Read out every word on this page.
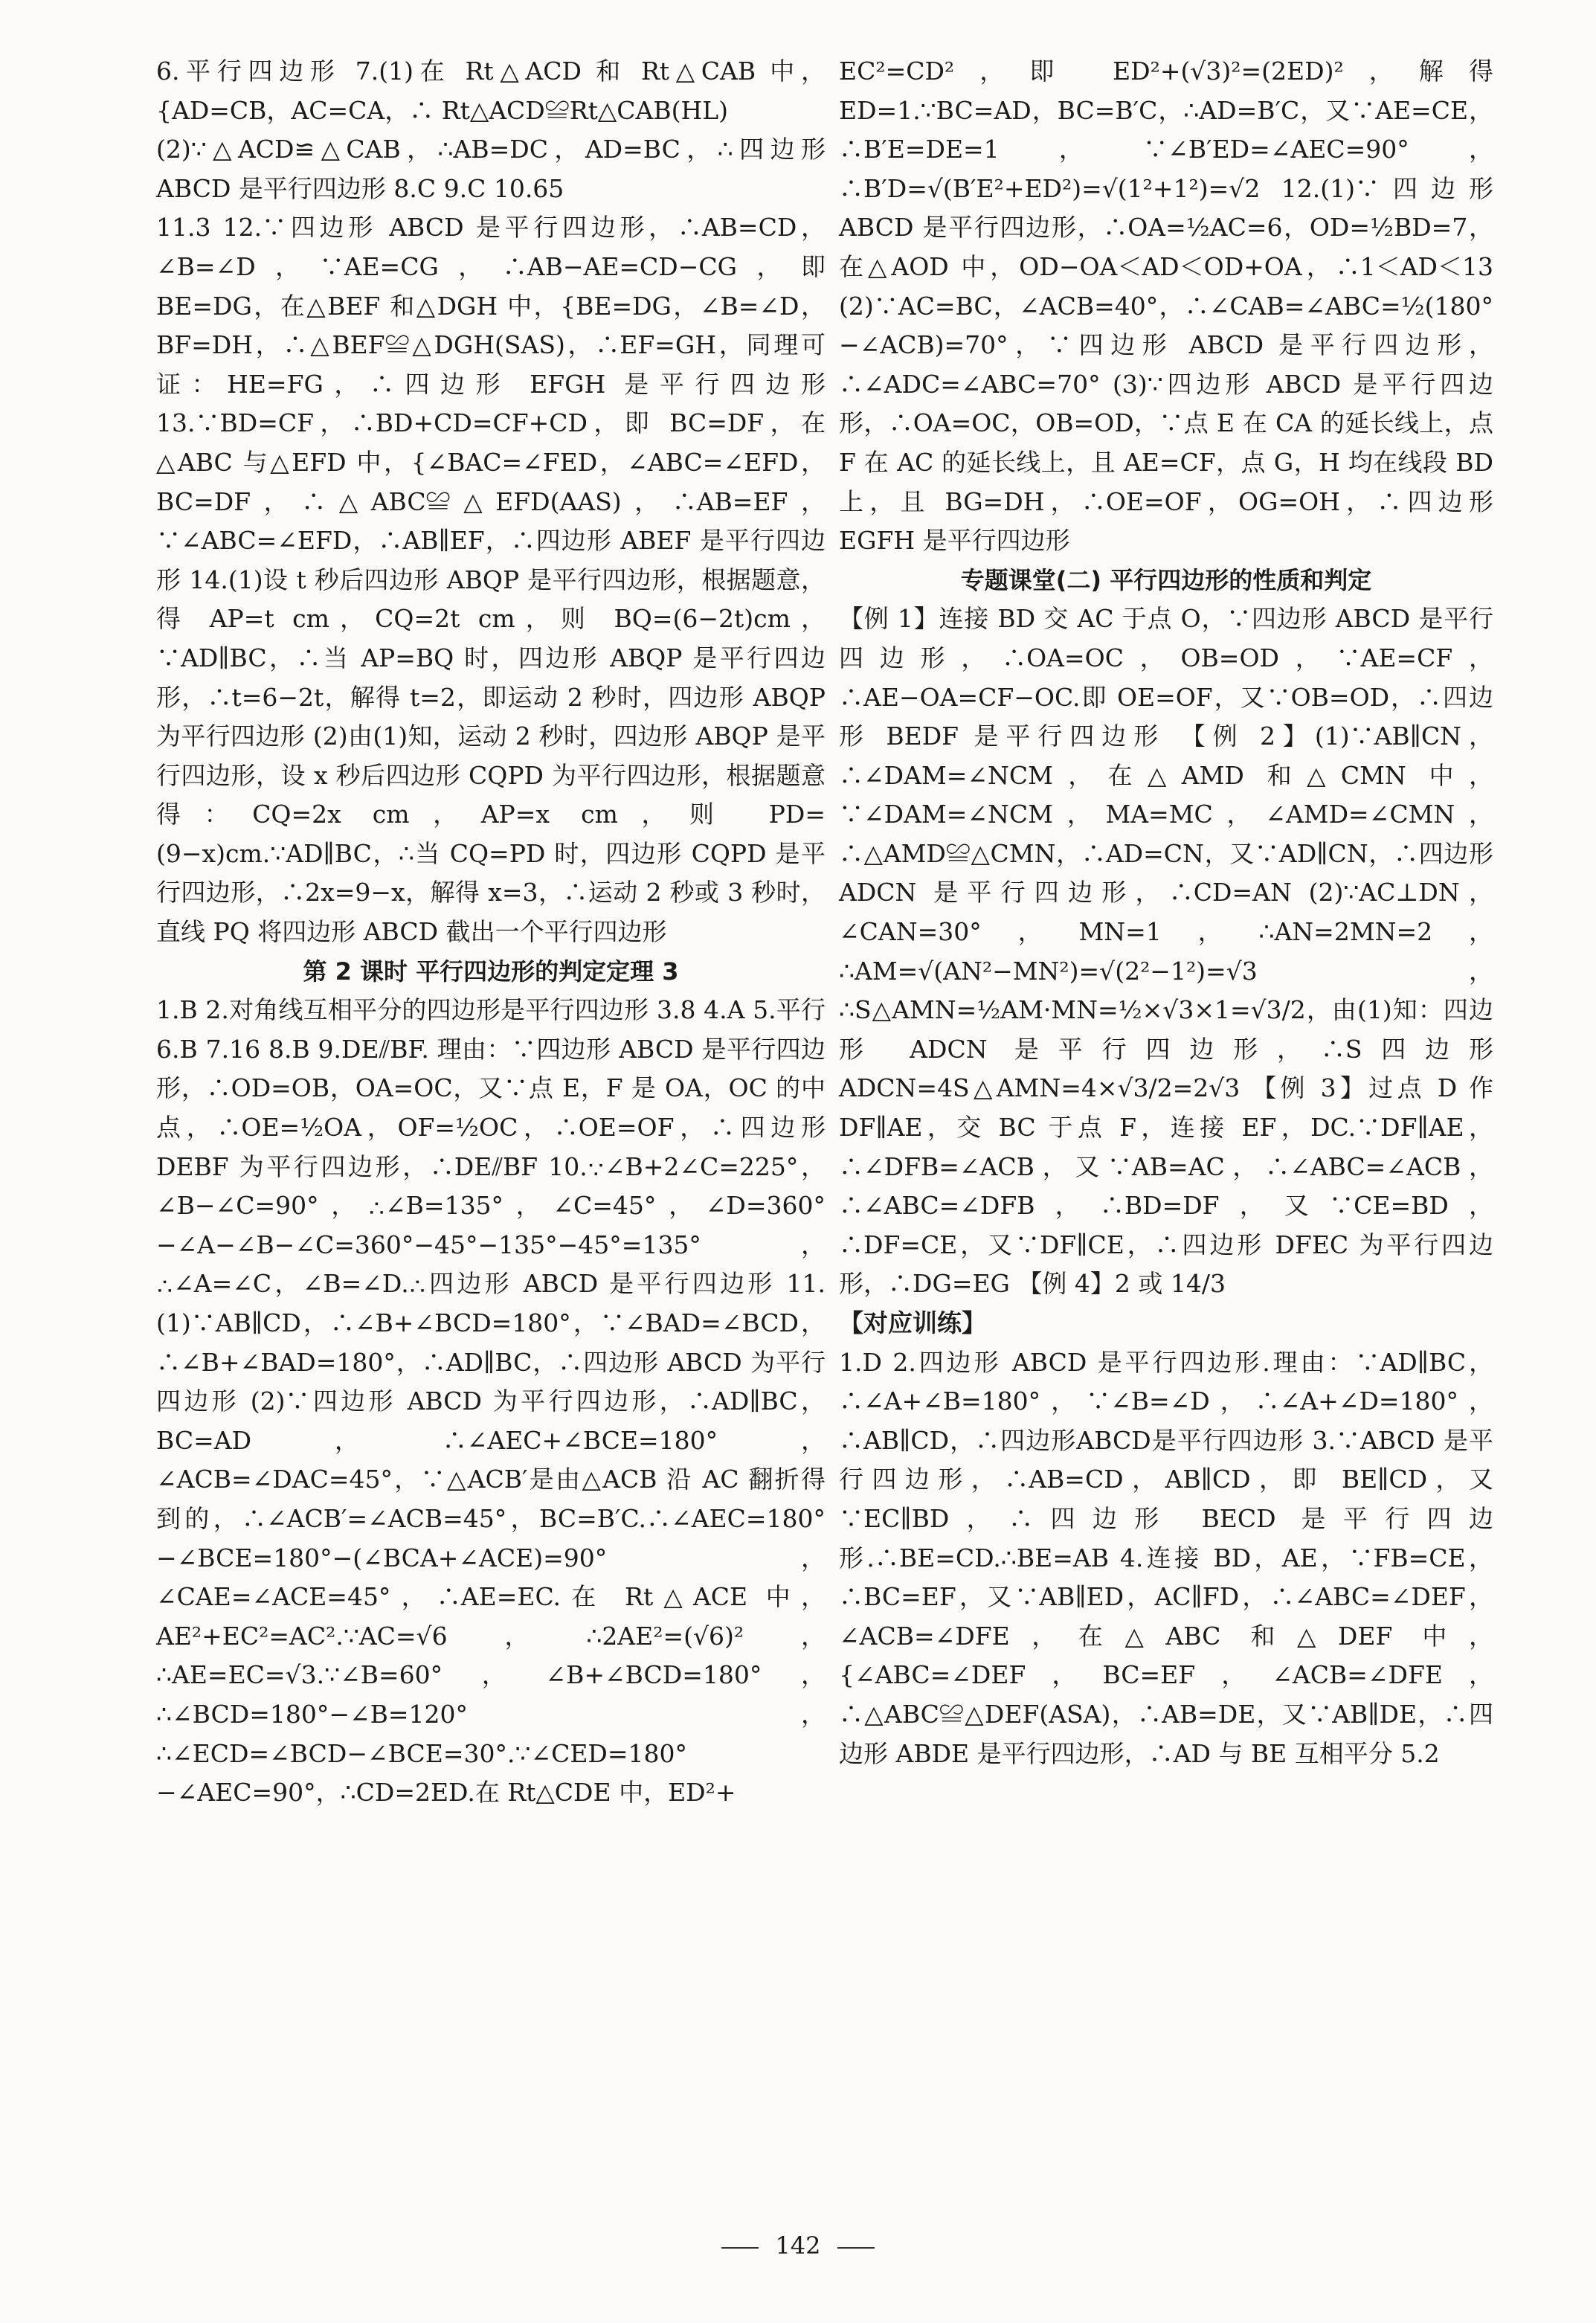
6.平行四边形 7.(1)在 Rt△ACD 和 Rt△CAB 中，{AD=CB，AC=CA，∴ Rt△ACD≌Rt△CAB(HL)

(2)∵△ACD≌△CAB，∴AB=DC，AD=BC，∴四边形 ABCD 是平行四边形 8.C 9.C 10.65

11.3 12.∵四边形 ABCD 是平行四边形，∴AB=CD，∠B=∠D，∵AE=CG，∴AB−AE=CD−CG，即 BE=DG，在△BEF 和△DGH 中，{BE=DG，∠B=∠D，BF=DH，∴△BEF≌△DGH(SAS)，∴EF=GH，同理可证：HE=FG，∴四边形 EFGH 是平行四边形 13.∵BD=CF，∴BD+CD=CF+CD，即 BC=DF，在△ABC 与△EFD 中，{∠BAC=∠FED，∠ABC=∠EFD，BC=DF，∴△ABC≌△EFD(AAS)，∴AB=EF，∵∠ABC=∠EFD，∴AB∥EF，∴四边形 ABEF 是平行四边形 14.(1)设 t 秒后四边形 ABQP 是平行四边形，根据题意，得 AP=t cm，CQ=2t cm，则 BQ=(6−2t)cm，∵AD∥BC，∴当 AP=BQ 时，四边形 ABQP 是平行四边形，∴t=6−2t，解得 t=2，即运动 2 秒时，四边形 ABQP 为平行四边形 (2)由(1)知，运动 2 秒时，四边形 ABQP 是平行四边形，设 x 秒后四边形 CQPD 为平行四边形，根据题意得：CQ=2x cm，AP=x cm，则 PD=(9−x)cm.∵AD∥BC，∴当 CQ=PD 时，四边形 CQPD 是平行四边形，∴2x=9−x，解得 x=3，∴运动 2 秒或 3 秒时，直线 PQ 将四边形 ABCD 截出一个平行四边形

第 2 课时 平行四边形的判定定理 3

1.B 2.对角线互相平分的四边形是平行四边形 3.8 4.A 5.平行 6.B 7.16 8.B 9.DE⫽BF. 理由：∵四边形 ABCD 是平行四边形，∴OD=OB，OA=OC，又∵点 E，F 是 OA，OC 的中点，∴OE=½OA，OF=½OC，∴OE=OF，∴四边形 DEBF 为平行四边形，∴DE⫽BF 10.∵∠B+2∠C=225°，∠B−∠C=90°，∴∠B=135°，∠C=45°，∠D=360°−∠A−∠B−∠C=360°−45°−135°−45°=135°，∴∠A=∠C，∠B=∠D.∴四边形 ABCD 是平行四边形 11.(1)∵AB∥CD，∴∠B+∠BCD=180°，∵∠BAD=∠BCD，∴∠B+∠BAD=180°，∴AD∥BC，∴四边形 ABCD 为平行四边形 (2)∵四边形 ABCD 为平行四边形，∴AD∥BC，BC=AD，∴∠AEC+∠BCE=180°，∠ACB=∠DAC=45°，∵△ACB′是由△ACB 沿 AC 翻折得到的，∴∠ACB′=∠ACB=45°，BC=B′C.∴∠AEC=180°−∠BCE=180°−(∠BCA+∠ACE)=90°，∠CAE=∠ACE=45°，∴AE=EC.在 Rt△ACE 中，AE²+EC²=AC².∵AC=√6，∴2AE²=(√6)²，∴AE=EC=√3.∵∠B=60°，∠B+∠BCD=180°，∴∠BCD=180°−∠B=120°，∴∠ECD=∠BCD−∠BCE=30°.∵∠CED=180°−∠AEC=90°，∴CD=2ED.在 Rt△CDE 中，ED²+

EC²=CD²，即 ED²+(√3)²=(2ED)²，解得 ED=1.∵BC=AD，BC=B′C，∴AD=B′C，又∵AE=CE，∴B′E=DE=1，∵∠B′ED=∠AEC=90°，∴B′D=√(B′E²+ED²)=√(1²+1²)=√2 12.(1)∵四边形 ABCD 是平行四边形，∴OA=½AC=6，OD=½BD=7，在△AOD 中，OD−OA＜AD＜OD+OA，∴1＜AD＜13 (2)∵AC=BC，∠ACB=40°，∴∠CAB=∠ABC=½(180°−∠ACB)=70°，∵四边形 ABCD 是平行四边形，∴∠ADC=∠ABC=70° (3)∵四边形 ABCD 是平行四边形，∴OA=OC，OB=OD，∵点 E 在 CA 的延长线上，点 F 在 AC 的延长线上，且 AE=CF，点 G，H 均在线段 BD 上，且 BG=DH，∴OE=OF，OG=OH，∴四边形 EGFH 是平行四边形

专题课堂(二) 平行四边形的性质和判定

【例 1】连接 BD 交 AC 于点 O，∵四边形 ABCD 是平行四边形，∴OA=OC，OB=OD，∵AE=CF，∴AE−OA=CF−OC.即 OE=OF，又∵OB=OD，∴四边形 BEDF 是平行四边形 【例 2】(1)∵AB∥CN，∴∠DAM=∠NCM，在△AMD 和△CMN 中，∵∠DAM=∠NCM，MA=MC，∠AMD=∠CMN，∴△AMD≌△CMN，∴AD=CN，又∵AD∥CN，∴四边形 ADCN 是平行四边形，∴CD=AN (2)∵AC⊥DN，∠CAN=30°，MN=1，∴AN=2MN=2，∴AM=√(AN²−MN²)=√(2²−1²)=√3，∴S△AMN=½AM·MN=½×√3×1=√3/2，由(1)知：四边形 ADCN 是平行四边形，∴S四边形ADCN=4S△AMN=4×√3/2=2√3 【例 3】过点 D 作 DF∥AE，交 BC 于点 F，连接 EF，DC.∵DF∥AE，∴∠DFB=∠ACB，又∵AB=AC，∴∠ABC=∠ACB，∴∠ABC=∠DFB，∴BD=DF，又∵CE=BD，∴DF=CE，又∵DF∥CE，∴四边形 DFEC 为平行四边形，∴DG=EG 【例 4】2 或 14/3

【对应训练】

1.D 2.四边形 ABCD 是平行四边形.理由：∵AD∥BC，∴∠A+∠B=180°，∵∠B=∠D，∴∠A+∠D=180°，∴AB∥CD，∴四边形ABCD是平行四边形 3.∵ABCD 是平行四边形，∴AB=CD，AB∥CD，即 BE∥CD，又∵EC∥BD，∴四边形 BECD 是平行四边形.∴BE=CD.∴BE=AB 4.连接 BD，AE，∵FB=CE，∴BC=EF，又∵AB∥ED，AC∥FD，∴∠ABC=∠DEF，∠ACB=∠DFE，在△ABC 和△DEF 中，{∠ABC=∠DEF，BC=EF，∠ACB=∠DFE，∴△ABC≌△DEF(ASA)，∴AB=DE，又∵AB∥DE，∴四边形 ABDE 是平行四边形，∴AD 与 BE 互相平分 5.2

142
